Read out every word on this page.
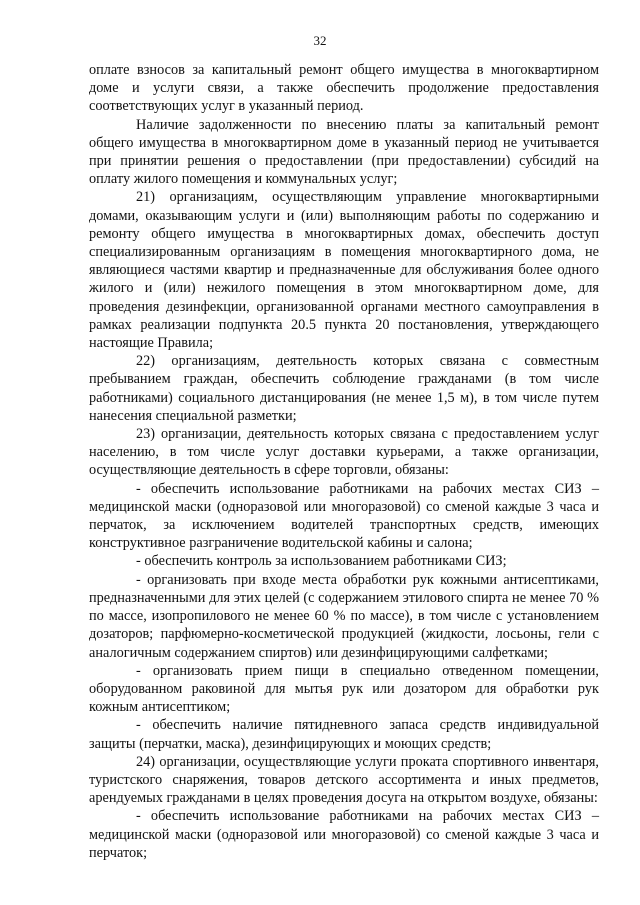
32

оплате взносов за капитальный ремонт общего имущества в многоквартирном доме и услуги связи, а также обеспечить продолжение предоставления соответствующих услуг в указанный период.

Наличие задолженности по внесению платы за капитальный ремонт общего имущества в многоквартирном доме в указанный период не учитывается при принятии решения о предоставлении (при предоставлении) субсидий на оплату жилого помещения и коммунальных услуг;

21) организациям, осуществляющим управление многоквартирными домами, оказывающим услуги и (или) выполняющим работы по содержанию и ремонту общего имущества в многоквартирных домах, обеспечить доступ специализированным организациям в помещения многоквартирного дома, не являющиеся частями квартир и предназначенные для обслуживания более одного жилого и (или) нежилого помещения в этом многоквартирном доме, для проведения дезинфекции, организованной органами местного самоуправления в рамках реализации подпункта 20.5 пункта 20 постановления, утверждающего настоящие Правила;

22) организациям, деятельность которых связана с совместным пребыванием граждан, обеспечить соблюдение гражданами (в том числе работниками) социального дистанцирования (не менее 1,5 м), в том числе путем нанесения специальной разметки;

23) организации, деятельность которых связана с предоставлением услуг населению, в том числе услуг доставки курьерами, а также организации, осуществляющие деятельность в сфере торговли, обязаны:

- обеспечить использование работниками на рабочих местах СИЗ – медицинской маски (одноразовой или многоразовой) со сменой каждые 3 часа и перчаток, за исключением водителей транспортных средств, имеющих конструктивное разграничение водительской кабины и салона;

- обеспечить контроль за использованием работниками СИЗ;

- организовать при входе места обработки рук кожными антисептиками, предназначенными для этих целей (с содержанием этилового спирта не менее 70 % по массе, изопропилового не менее 60 % по массе), в том числе с установлением дозаторов; парфюмерно-косметической продукцией (жидкости, лосьоны, гели с аналогичным содержанием спиртов) или дезинфицирующими салфетками;

- организовать прием пищи в специально отведенном помещении, оборудованном раковиной для мытья рук или дозатором для обработки рук кожным антисептиком;

- обеспечить наличие пятидневного запаса средств индивидуальной защиты (перчатки, маска), дезинфицирующих и моющих средств;

24) организации, осуществляющие услуги проката спортивного инвентаря, туристского снаряжения, товаров детского ассортимента и иных предметов, арендуемых гражданами в целях проведения досуга на открытом воздухе, обязаны:

- обеспечить использование работниками на рабочих местах СИЗ – медицинской маски (одноразовой или многоразовой) со сменой каждые 3 часа и перчаток;
